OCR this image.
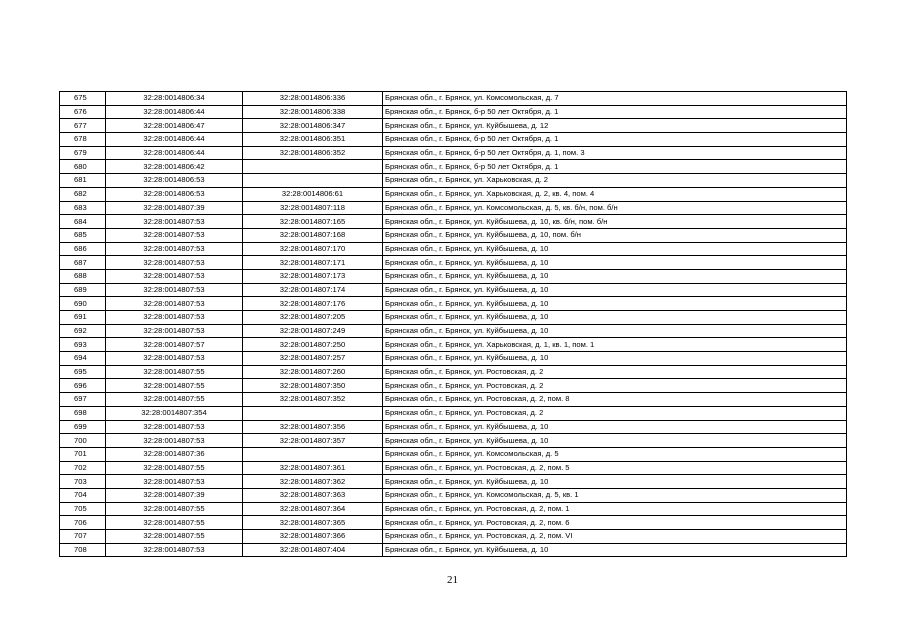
675	32:28:0014806:34	32:28:0014806:336	Брянская обл., г. Брянск, ул. Комсомольская, д. 7
676	32:28:0014806:44	32:28:0014806:338	Брянская обл., г. Брянск, б-р 50 лет Октября, д. 1
677	32:28:0014806:47	32:28:0014806:347	Брянская обл., г. Брянск, ул. Куйбышева, д. 12
678	32:28:0014806:44	32:28:0014806:351	Брянская обл., г. Брянск, б-р 50 лет Октября, д. 1
679	32:28:0014806:44	32:28:0014806:352	Брянская обл., г. Брянск, б-р 50 лет Октября, д. 1, пом. 3
680	32:28:0014806:42		Брянская обл., г. Брянск, б-р 50 лет Октября, д. 1
681	32:28:0014806:53		Брянская обл., г. Брянск, ул. Харьковская, д. 2
682	32:28:0014806:53	32:28:0014806:61	Брянская обл., г. Брянск, ул. Харьковская, д. 2, кв. 4, пом. 4
683	32:28:0014807:39	32:28:0014807:118	Брянская обл., г. Брянск, ул. Комсомольская, д. 5, кв. б/н, пом. б/н
684	32:28:0014807:53	32:28:0014807:165	Брянская обл., г. Брянск, ул. Куйбышева, д. 10, кв. б/н, пом. б/н
685	32:28:0014807:53	32:28:0014807:168	Брянская обл., г. Брянск, ул. Куйбышева, д. 10, пом. б/н
686	32:28:0014807:53	32:28:0014807:170	Брянская обл., г. Брянск, ул. Куйбышева, д. 10
687	32:28:0014807:53	32:28:0014807:171	Брянская обл., г. Брянск, ул. Куйбышева, д. 10
688	32:28:0014807:53	32:28:0014807:173	Брянская обл., г. Брянск, ул. Куйбышева, д. 10
689	32:28:0014807:53	32:28:0014807:174	Брянская обл., г. Брянск, ул. Куйбышева, д. 10
690	32:28:0014807:53	32:28:0014807:176	Брянская обл., г. Брянск, ул. Куйбышева, д. 10
691	32:28:0014807:53	32:28:0014807:205	Брянская обл., г. Брянск, ул. Куйбышева, д. 10
692	32:28:0014807:53	32:28:0014807:249	Брянская обл., г. Брянск, ул. Куйбышева, д. 10
693	32:28:0014807:57	32:28:0014807:250	Брянская обл., г. Брянск, ул. Харьковская, д. 1, кв. 1, пом. 1
694	32:28:0014807:53	32:28:0014807:257	Брянская обл., г. Брянск, ул. Куйбышева, д. 10
695	32:28:0014807:55	32:28:0014807:260	Брянская обл., г. Брянск, ул. Ростовская, д. 2
696	32:28:0014807:55	32:28:0014807:350	Брянская обл., г. Брянск, ул. Ростовская, д. 2
697	32:28:0014807:55	32:28:0014807:352	Брянская обл., г. Брянск, ул. Ростовская, д. 2, пом. 8
698	32:28:0014807:354		Брянская обл., г. Брянск, ул. Ростовская, д. 2
699	32:28:0014807:53	32:28:0014807:356	Брянская обл., г. Брянск, ул. Куйбышева, д. 10
700	32:28:0014807:53	32:28:0014807:357	Брянская обл., г. Брянск, ул. Куйбышева, д. 10
701	32:28:0014807:36		Брянская обл., г. Брянск, ул. Комсомольская, д. 5
702	32:28:0014807:55	32:28:0014807:361	Брянская обл., г. Брянск, ул. Ростовская, д. 2, пом. 5
703	32:28:0014807:53	32:28:0014807:362	Брянская обл., г. Брянск, ул. Куйбышева, д. 10
704	32:28:0014807:39	32:28:0014807:363	Брянская обл., г. Брянск, ул. Комсомольская, д. 5, кв. 1
705	32:28:0014807:55	32:28:0014807:364	Брянская обл., г. Брянск, ул. Ростовская, д. 2, пом. 1
706	32:28:0014807:55	32:28:0014807:365	Брянская обл., г. Брянск, ул. Ростовская, д. 2, пом. 6
707	32:28:0014807:55	32:28:0014807:366	Брянская обл., г. Брянск, ул. Ростовская, д. 2, пом. VI
708	32:28:0014807:53	32:28:0014807:404	Брянская обл., г. Брянск, ул. Куйбышева, д. 10
21
